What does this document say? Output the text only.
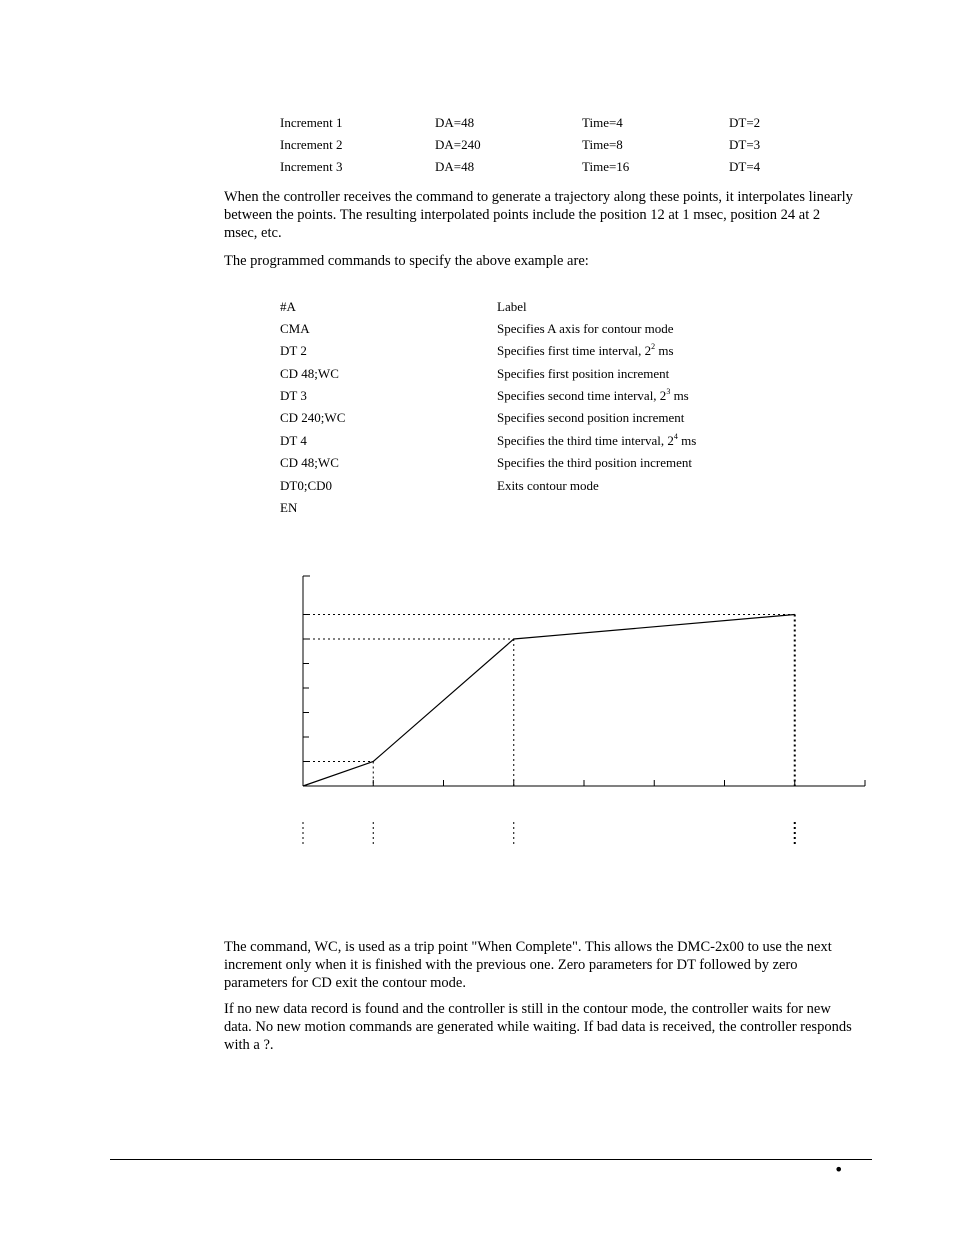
Increment 1	DA=48	Time=4	DT=2
Increment 2	DA=240	Time=8	DT=3
Increment 3	DA=48	Time=16	DT=4

When the controller receives the command to generate a trajectory along these points, it interpolates linearly between the points. The resulting interpolated points include the position 12 at 1 msec, position 24 at 2 msec, etc.

The programmed commands to specify the above example are:

#A	Label
CMA	Specifies A axis for contour mode
DT 2	Specifies first time interval, $2^2$ ms
CD 48;WC	Specifies first position increment
DT 3	Specifies second time interval, $2^3$ ms
CD 240;WC	Specifies second position increment
DT 4	Specifies the third time interval, $2^4$ ms
CD 48;WC	Specifies the third position increment
DT0;CD0	Exits contour mode
EN

The command, WC, is used as a trip point "When Complete". This allows the DMC-2x00 to use the next increment only when it is finished with the previous one. Zero parameters for DT followed by zero parameters for CD exit the contour mode.

If no new data record is found and the controller is still in the contour mode, the controller waits for new data. No new motion commands are generated while waiting. If bad data is received, the controller responds with a ?.

•
